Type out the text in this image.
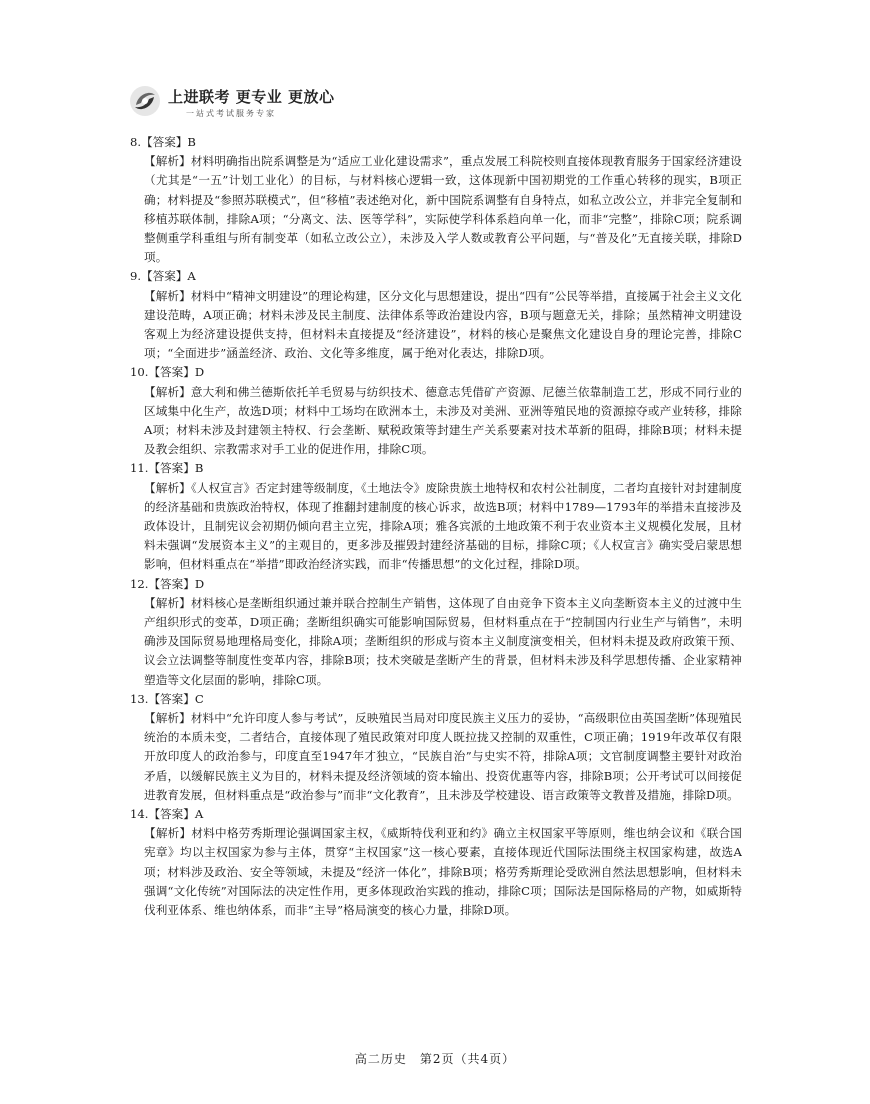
上进联考 更专业 更放心
一站式考试服务专家
8.【答案】B

【解析】材料明确指出院系调整是为“适应工业化建设需求”，重点发展工科院校则直接体现教育服务于国家经济建设（尤其是“一五”计划工业化）的目标，与材料核心逻辑一致，这体现新中国初期党的工作重心转移的现实，B项正确；材料提及“参照苏联模式”，但“移植”表述绝对化，新中国院系调整有自身特点，如私立改公立，并非完全复制和移植苏联体制，排除A项；“分离文、法、医等学科”，实际使学科体系趋向单一化，而非“完整”，排除C项；院系调整侧重学科重组与所有制变革（如私立改公立），未涉及入学人数或教育公平问题，与“普及化”无直接关联，排除D项。

9.【答案】A

【解析】材料中“精神文明建设”的理论构建，区分文化与思想建设，提出“四有”公民等举措，直接属于社会主义文化建设范畴，A项正确；材料未涉及民主制度、法律体系等政治建设内容，B项与题意无关，排除；虽然精神文明建设客观上为经济建设提供支持，但材料未直接提及“经济建设”，材料的核心是聚焦文化建设自身的理论完善，排除C项；“全面进步”涵盖经济、政治、文化等多维度，属于绝对化表达，排除D项。

10.【答案】D

【解析】意大利和佛兰德斯依托羊毛贸易与纺织技术、德意志凭借矿产资源、尼德兰依靠制造工艺，形成不同行业的区域集中化生产，故选D项；材料中工场均在欧洲本土，未涉及对美洲、亚洲等殖民地的资源掠夺或产业转移，排除A项；材料未涉及封建领主特权、行会垄断、赋税政策等封建生产关系要素对技术革新的阻碍，排除B项；材料未提及教会组织、宗教需求对手工业的促进作用，排除C项。

11.【答案】B

【解析】《人权宣言》否定封建等级制度，《土地法令》废除贵族土地特权和农村公社制度，二者均直接针对封建制度的经济基础和贵族政治特权，体现了推翻封建制度的核心诉求，故选B项；材料中1789—1793年的举措未直接涉及政体设计，且制宪议会初期仍倾向君主立宪，排除A项；雅各宾派的土地政策不利于农业资本主义规模化发展，且材料未强调“发展资本主义”的主观目的，更多涉及摧毁封建经济基础的目标，排除C项；《人权宣言》确实受启蒙思想影响，但材料重点在“举措”即政治经济实践，而非“传播思想”的文化过程，排除D项。

12.【答案】D

【解析】材料核心是垄断组织通过兼并联合控制生产销售，这体现了自由竞争下资本主义向垄断资本主义的过渡中生产组织形式的变革，D项正确；垄断组织确实可能影响国际贸易，但材料重点在于“控制国内行业生产与销售”，未明确涉及国际贸易地理格局变化，排除A项；垄断组织的形成与资本主义制度演变相关，但材料未提及政府政策干预、议会立法调整等制度性变革内容，排除B项；技术突破是垄断产生的背景，但材料未涉及科学思想传播、企业家精神塑造等文化层面的影响，排除C项。

13.【答案】C

【解析】材料中“允许印度人参与考试”，反映殖民当局对印度民族主义压力的妥协，“高级职位由英国垄断”体现殖民统治的本质未变，二者结合，直接体现了殖民政策对印度人既拉拢又控制的双重性，C项正确；1919年改革仅有限开放印度人的政治参与，印度直至1947年才独立，“民族自治”与史实不符，排除A项；文官制度调整主要针对政治矛盾，以缓解民族主义为目的，材料未提及经济领域的资本输出、投资优惠等内容，排除B项；公开考试可以间接促进教育发展，但材料重点是“政治参与”而非“文化教育”，且未涉及学校建设、语言政策等文教普及措施，排除D项。

14.【答案】A

【解析】材料中格劳秀斯理论强调国家主权，《威斯特伐利亚和约》确立主权国家平等原则，维也纳会议和《联合国宪章》均以主权国家为参与主体，贯穿“主权国家”这一核心要素，直接体现近代国际法围绕主权国家构建，故选A项；材料涉及政治、安全等领域，未提及“经济一体化”，排除B项；格劳秀斯理论受欧洲自然法思想影响，但材料未强调“文化传统”对国际法的决定性作用，更多体现政治实践的推动，排除C项；国际法是国际格局的产物，如威斯特伐利亚体系、维也纳体系，而非“主导”格局演变的核心力量，排除D项。

高二历史　第2页（共4页）
